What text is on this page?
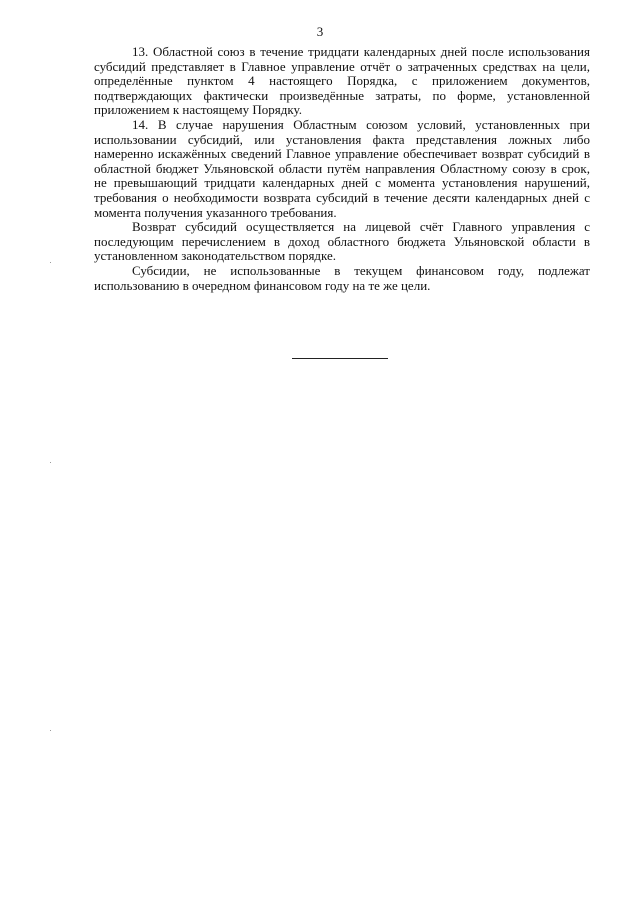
3

13. Областной союз в течение тридцати календарных дней после использования субсидий представляет в Главное управление отчёт о затраченных средствах на цели, определённые пунктом 4 настоящего Порядка, с приложением документов, подтверждающих фактически произведённые затраты, по форме, установленной приложением к настоящему Порядку.

14. В случае нарушения Областным союзом условий, установленных при использовании субсидий, или установления факта представления ложных либо намеренно искажённых сведений Главное управление обеспечивает возврат субсидий в областной бюджет Ульяновской области путём направления Областному союзу в срок, не превышающий тридцати календарных дней с момента установления нарушений, требования о необходимости возврата субсидий в течение десяти календарных дней с момента получения указанного требования.

Возврат субсидий осуществляется на лицевой счёт Главного управления с последующим перечислением в доход областного бюджета Ульяновской области в установленном законодательством порядке.

Субсидии, не использованные в текущем финансовом году, подлежат использованию в очередном финансовом году на те же цели.
